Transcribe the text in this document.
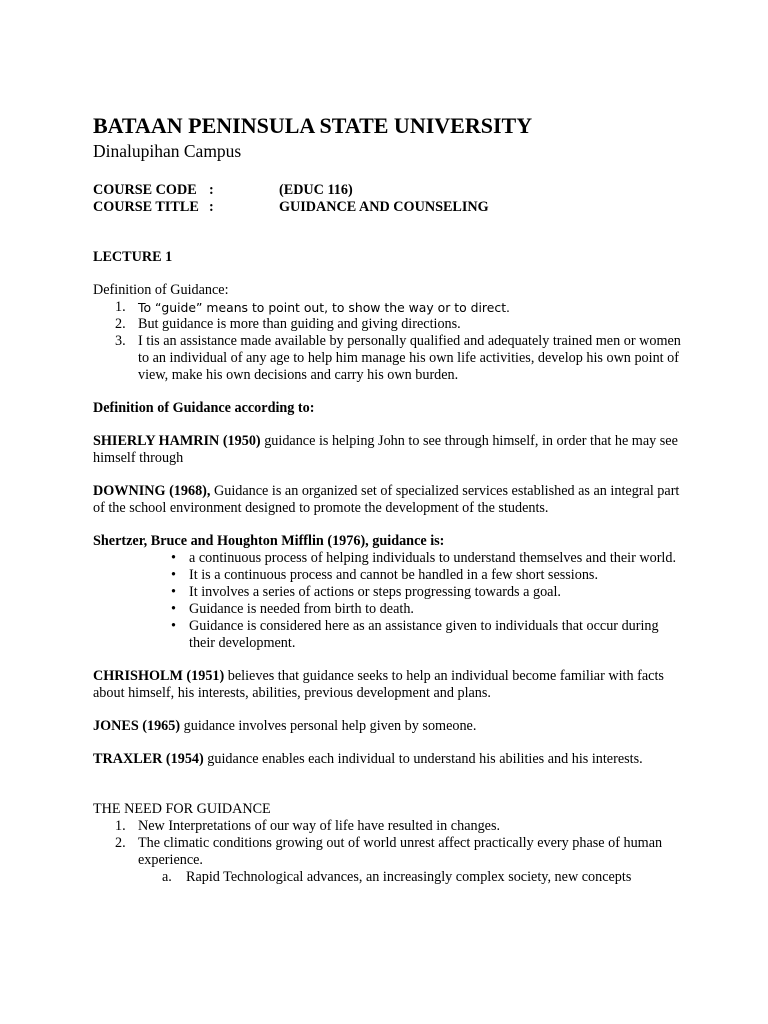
BATAAN PENINSULA STATE UNIVERSITY
Dinalupihan Campus
COURSE CODE :	(EDUC 116)
COURSE TITLE :	GUIDANCE AND COUNSELING
LECTURE 1

Definition of Guidance:

1. To “guide” means to point out, to show the way or to direct.
2. But guidance is more than guiding and giving directions.
3. I tis an assistance made available by personally qualified and adequately trained men or women to an individual of any age to help him manage his own life activities, develop his own point of view, make his own decisions and carry his own burden.

Definition of Guidance according to:

SHIERLY HAMRIN (1950) guidance is helping John to see through himself, in order that he may see himself through

DOWNING (1968), Guidance is an organized set of specialized services established as an integral part of the school environment designed to promote the development of the students.

Shertzer, Bruce and Houghton Mifflin (1976), guidance is:

• a continuous process of helping individuals to understand themselves and their world.
• It is a continuous process and cannot be handled in a few short sessions.
• It involves a series of actions or steps progressing towards a goal.
• Guidance is needed from birth to death.
• Guidance is considered here as an assistance given to individuals that occur during their development.

CHRISHOLM (1951) believes that guidance seeks to help an individual become familiar with facts about himself, his interests, abilities, previous development and plans.

JONES (1965) guidance involves personal help given by someone.

TRAXLER (1954) guidance enables each individual to understand his abilities and his interests.

THE NEED FOR GUIDANCE

1. New Interpretations of our way of life have resulted in changes.
2. The climatic conditions growing out of world unrest affect practically every phase of human experience.
a. Rapid Technological advances, an increasingly complex society, new concepts
